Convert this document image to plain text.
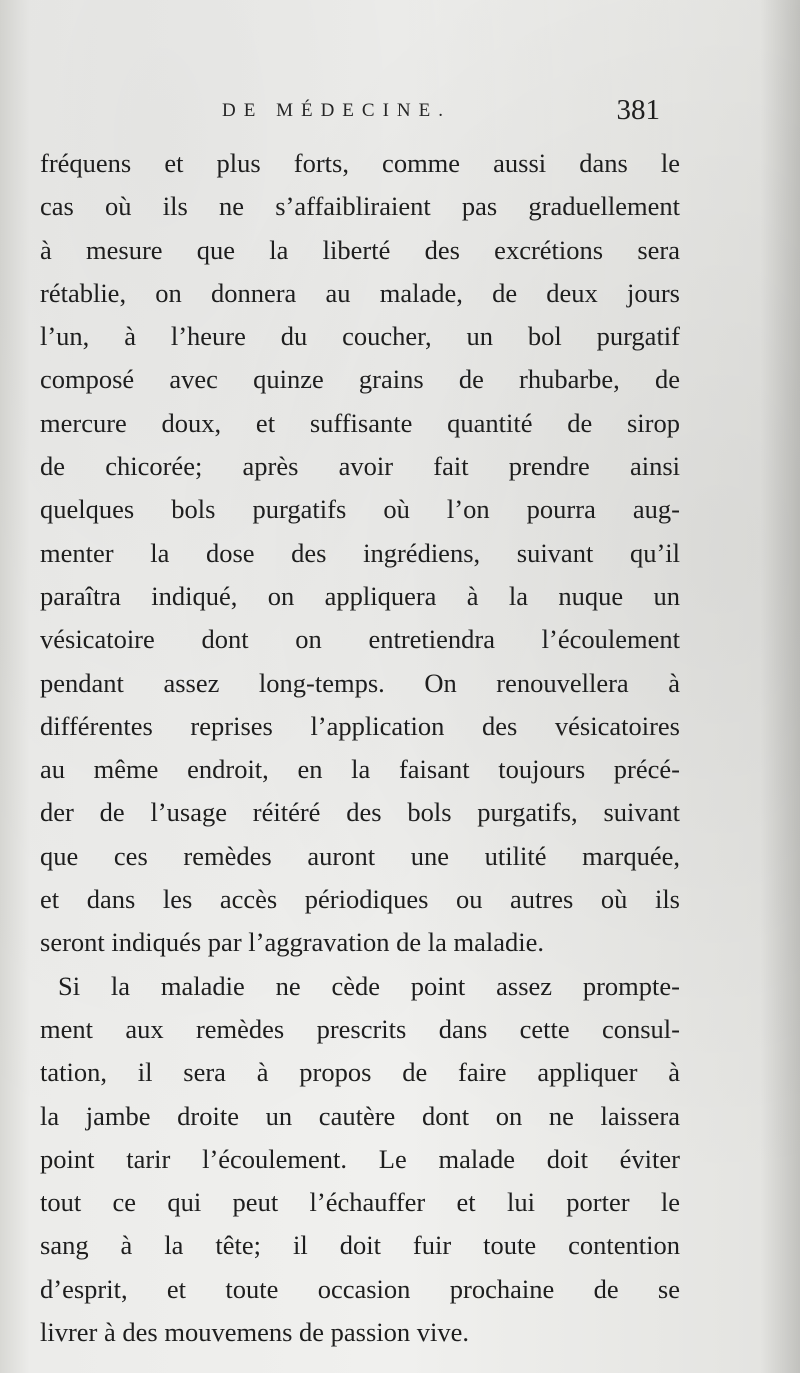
DE MÉDECINE.	381
fréquens et plus forts, comme aussi dans le
cas où ils ne s’affaibliraient pas graduellement
à mesure que la liberté des excrétions sera
rétablie, on donnera au malade, de deux jours
l’un, à l’heure du coucher, un bol purgatif
composé avec quinze grains de rhubarbe, de
mercure doux, et suffisante quantité de sirop
de chicorée; après avoir fait prendre ainsi
quelques bols purgatifs où l’on pourra aug-
menter la dose des ingrédiens, suivant qu’il
paraîtra indiqué, on appliquera à la nuque un
vésicatoire dont on entretiendra l’écoulement
pendant assez long-temps. On renouvellera à
différentes reprises l’application des vésicatoires
au même endroit, en la faisant toujours précé-
der de l’usage réitéré des bols purgatifs, suivant
que ces remèdes auront une utilité marquée,
et dans les accès périodiques ou autres où ils
seront indiqués par l’aggravation de la maladie.
Si la maladie ne cède point assez prompte-
ment aux remèdes prescrits dans cette consul-
tation, il sera à propos de faire appliquer à
la jambe droite un cautère dont on ne laissera
point tarir l’écoulement. Le malade doit éviter
tout ce qui peut l’échauffer et lui porter le
sang à la tête; il doit fuir toute contention
d’esprit, et toute occasion prochaine de se
livrer à des mouvemens de passion vive.
